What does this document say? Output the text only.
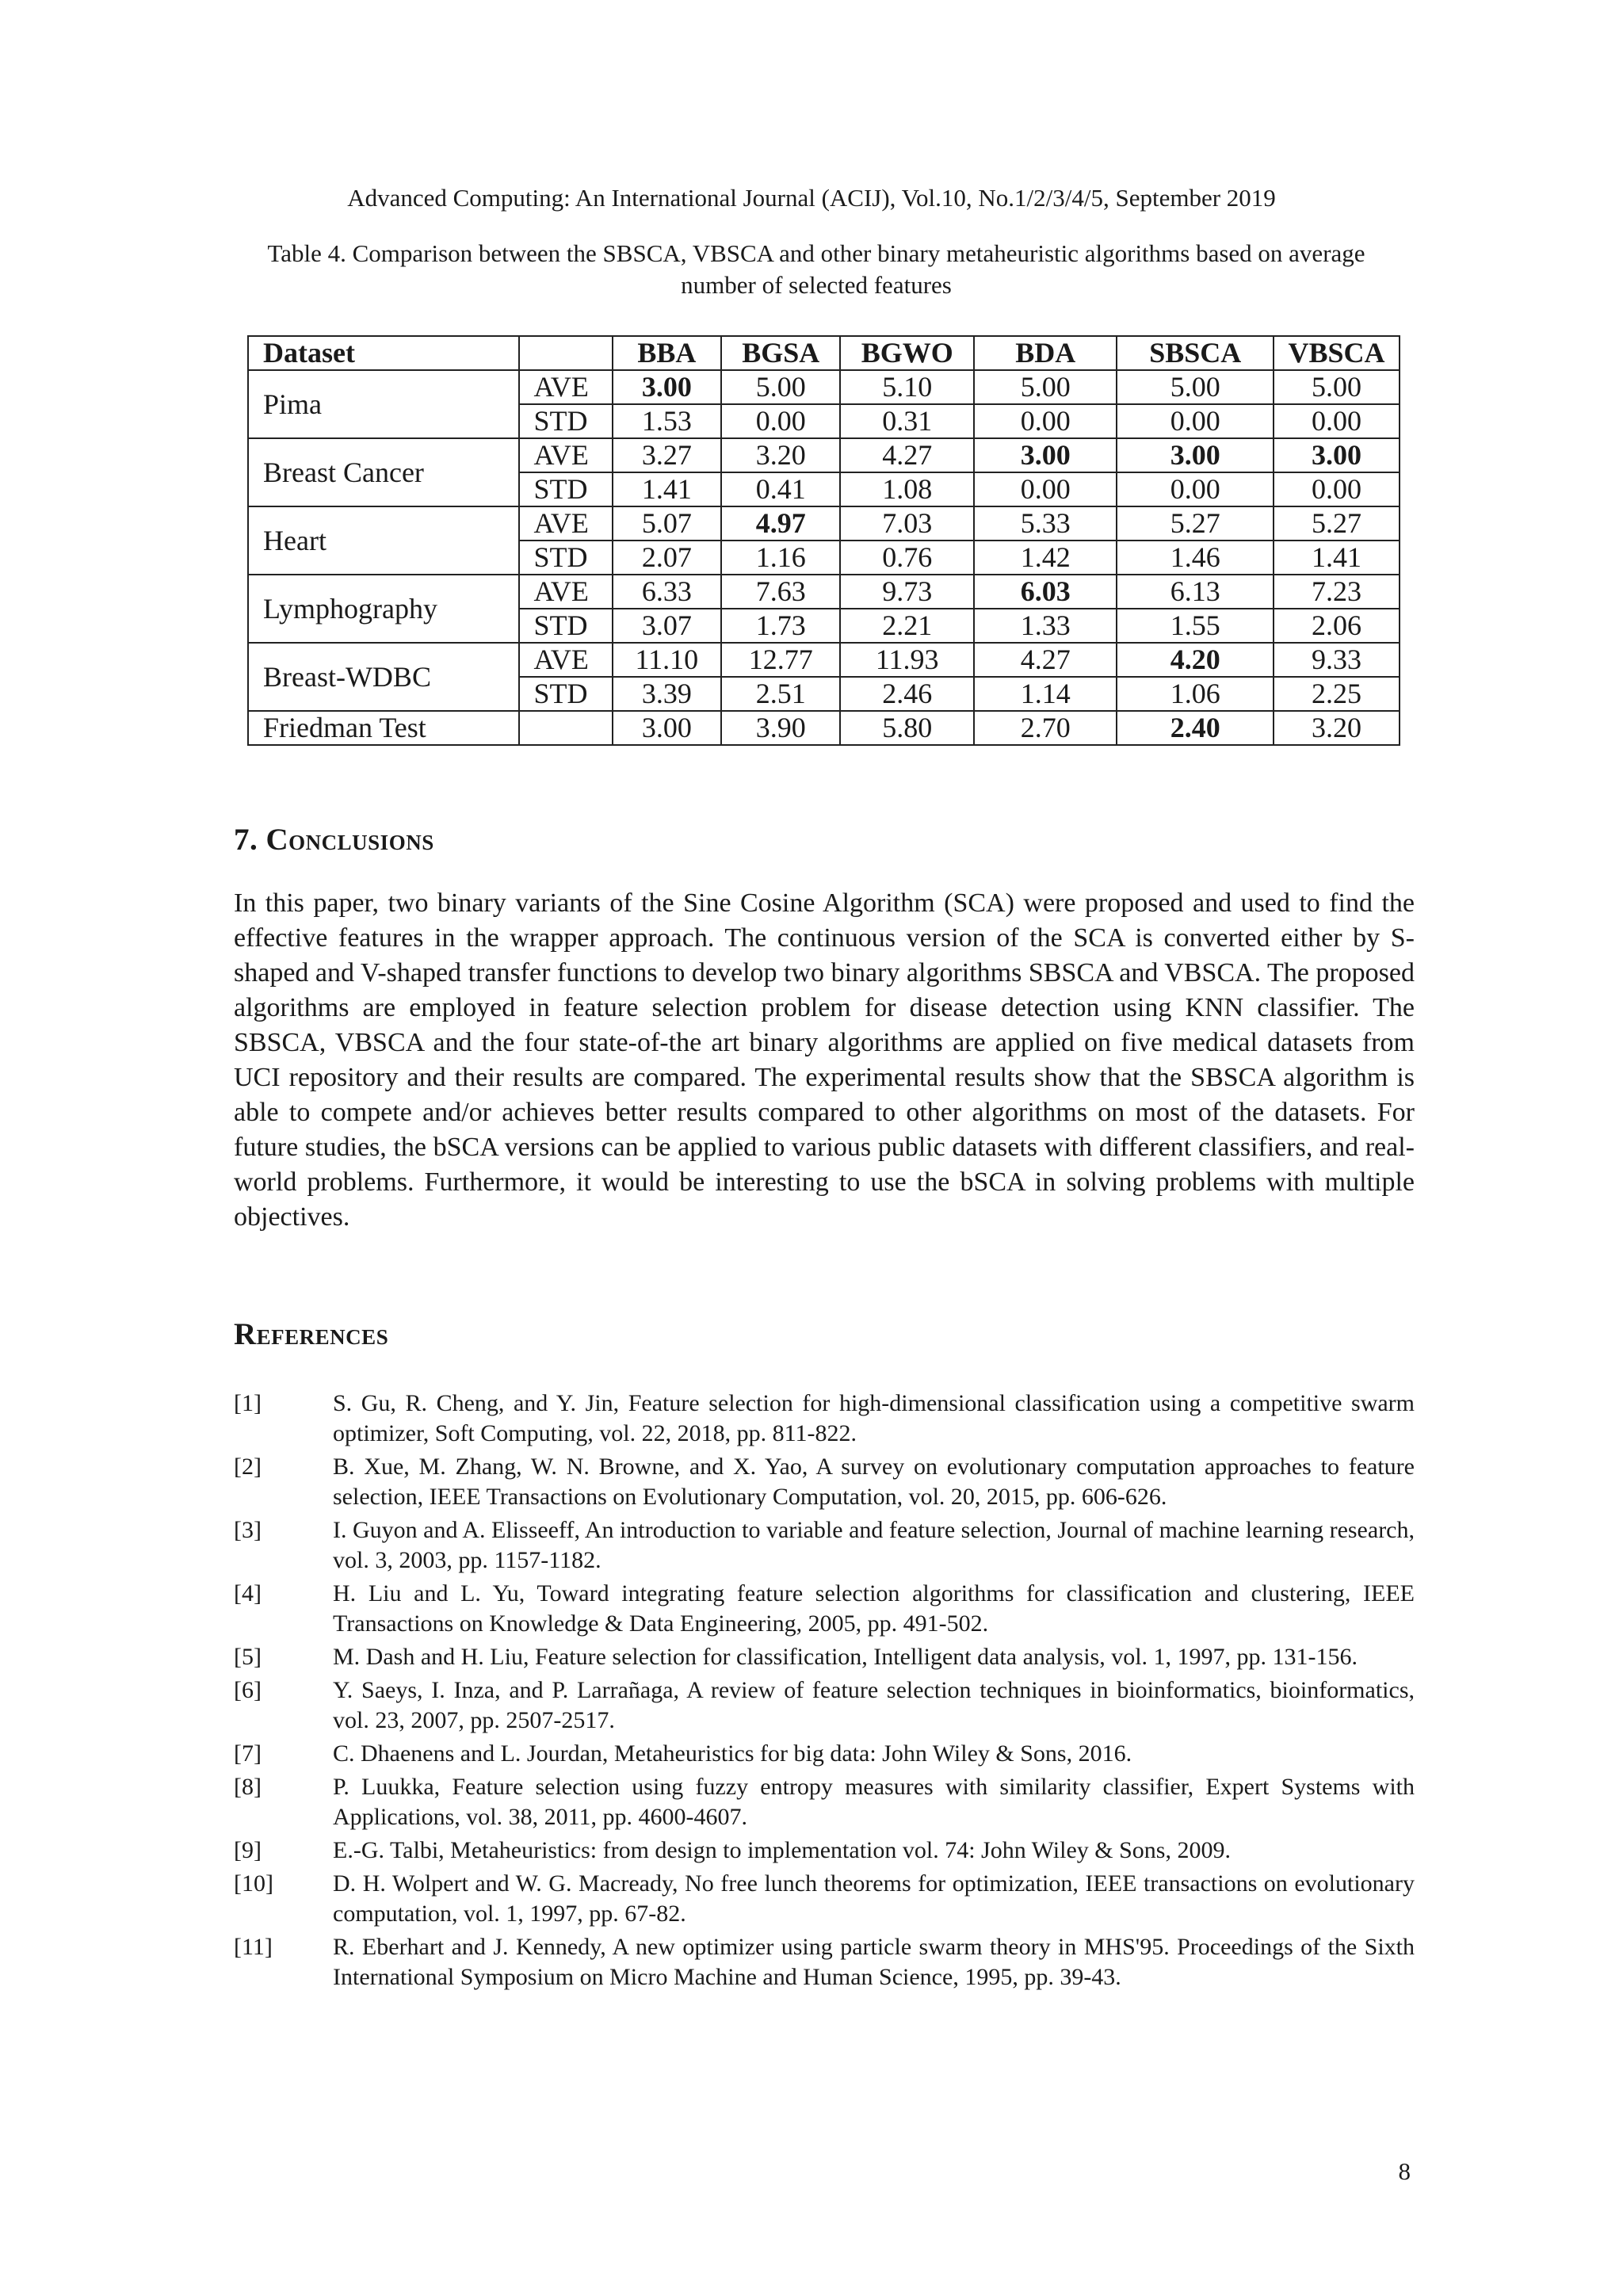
Advanced Computing: An International Journal (ACIJ), Vol.10, No.1/2/3/4/5, September 2019
Table 4. Comparison between the SBSCA, VBSCA and other binary metaheuristic algorithms based on average number of selected features
Dataset		BBA	BGSA	BGWO	BDA	SBSCA	VBSCA
Pima	AVE	3.00	5.00	5.10	5.00	5.00	5.00
	STD	1.53	0.00	0.31	0.00	0.00	0.00
Breast Cancer	AVE	3.27	3.20	4.27	3.00	3.00	3.00
	STD	1.41	0.41	1.08	0.00	0.00	0.00
Heart	AVE	5.07	4.97	7.03	5.33	5.27	5.27
	STD	2.07	1.16	0.76	1.42	1.46	1.41
Lymphography	AVE	6.33	7.63	9.73	6.03	6.13	7.23
	STD	3.07	1.73	2.21	1.33	1.55	2.06
Breast-WDBC	AVE	11.10	12.77	11.93	4.27	4.20	9.33
	STD	3.39	2.51	2.46	1.14	1.06	2.25
Friedman Test		3.00	3.90	5.80	2.70	2.40	3.20
7. Conclusions
In this paper, two binary variants of the Sine Cosine Algorithm (SCA) were proposed and used to find the effective features in the wrapper approach. The continuous version of the SCA is converted either by S-shaped and V-shaped transfer functions to develop two binary algorithms SBSCA and VBSCA. The proposed algorithms are employed in feature selection problem for disease detection using KNN classifier. The SBSCA, VBSCA and the four state-of-the art binary algorithms are applied on five medical datasets from UCI repository and their results are compared. The experimental results show that the SBSCA algorithm is able to compete and/or achieves better results compared to other algorithms on most of the datasets. For future studies, the bSCA versions can be applied to various public datasets with different classifiers, and real-world problems. Furthermore, it would be interesting to use the bSCA in solving problems with multiple objectives.
References
[1]	S. Gu, R. Cheng, and Y. Jin, Feature selection for high-dimensional classification using a competitive swarm optimizer, Soft Computing, vol. 22, 2018, pp. 811-822.
[2]	B. Xue, M. Zhang, W. N. Browne, and X. Yao, A survey on evolutionary computation approaches to feature selection, IEEE Transactions on Evolutionary Computation, vol. 20, 2015, pp. 606-626.
[3]	I. Guyon and A. Elisseeff, An introduction to variable and feature selection, Journal of machine learning research, vol. 3, 2003, pp. 1157-1182.
[4]	H. Liu and L. Yu, Toward integrating feature selection algorithms for classification and clustering, IEEE Transactions on Knowledge & Data Engineering, 2005, pp. 491-502.
[5]	M. Dash and H. Liu, Feature selection for classification, Intelligent data analysis, vol. 1, 1997, pp. 131-156.
[6]	Y. Saeys, I. Inza, and P. Larrañaga, A review of feature selection techniques in bioinformatics, bioinformatics, vol. 23, 2007, pp. 2507-2517.
[7]	C. Dhaenens and L. Jourdan, Metaheuristics for big data: John Wiley & Sons, 2016.
[8]	P. Luukka, Feature selection using fuzzy entropy measures with similarity classifier, Expert Systems with Applications, vol. 38, 2011, pp. 4600-4607.
[9]	E.-G. Talbi, Metaheuristics: from design to implementation vol. 74: John Wiley & Sons, 2009.
[10]	D. H. Wolpert and W. G. Macready, No free lunch theorems for optimization, IEEE transactions on evolutionary computation, vol. 1, 1997, pp. 67-82.
[11]	R. Eberhart and J. Kennedy, A new optimizer using particle swarm theory in MHS'95. Proceedings of the Sixth International Symposium on Micro Machine and Human Science, 1995, pp. 39-43.
8
